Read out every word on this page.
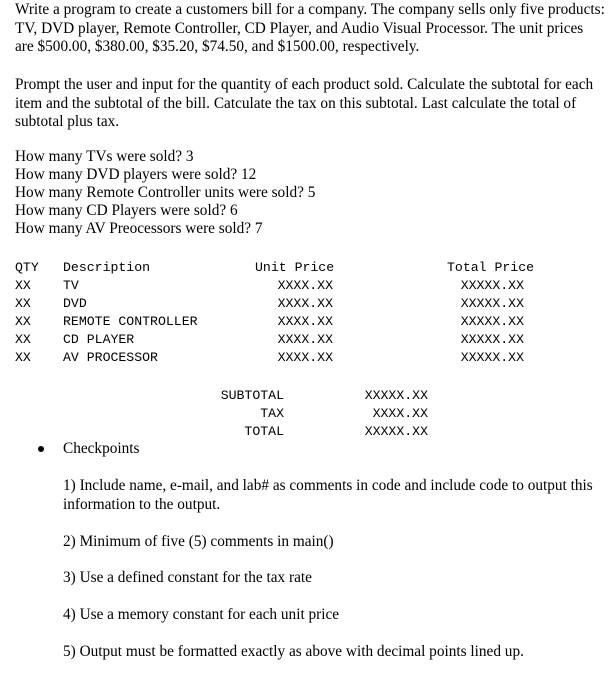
Write a program to create a customers bill for a company. The company sells only five products: TV, DVD player, Remote Controller, CD Player, and Audio Visual Processor. The unit prices are $500.00, $380.00, $35.20, $74.50, and $1500.00, respectively.

Prompt the user and input for the quantity of each product sold. Calculate the subtotal for each item and the subtotal of the bill. Catculate the tax on this subtotal. Last calculate the total of subtotal plus tax.

How many TVs were sold? 3
How many DVD players were sold? 12
How many Remote Controller units were sold? 5
How many CD Players were sold? 6
How many AV Preocessors were sold? 7
QTY Description	Unit Price	Total Price
XX TV	XXXX.XX	XXXXX.XX
XX DVD	XXXX.XX	XXXXX.XX
XX REMOTE CONTROLLER	XXXX.XX	XXXXX.XX
XX CD PLAYER	XXXX.XX	XXXXX.XX
XX AV PROCESSOR	XXXX.XX	XXXXX.XX
SUBTOTAL	XXXXX.XX
TAX	XXXX.XX
TOTAL	XXXXX.XX
Checkpoints

1) Include name, e-mail, and lab# as comments in code and include code to output this information to the output.

2) Minimum of five (5) comments in main()

3) Use a defined constant for the tax rate

4) Use a memory constant for each unit price

5) Output must be formatted exactly as above with decimal points lined up.
